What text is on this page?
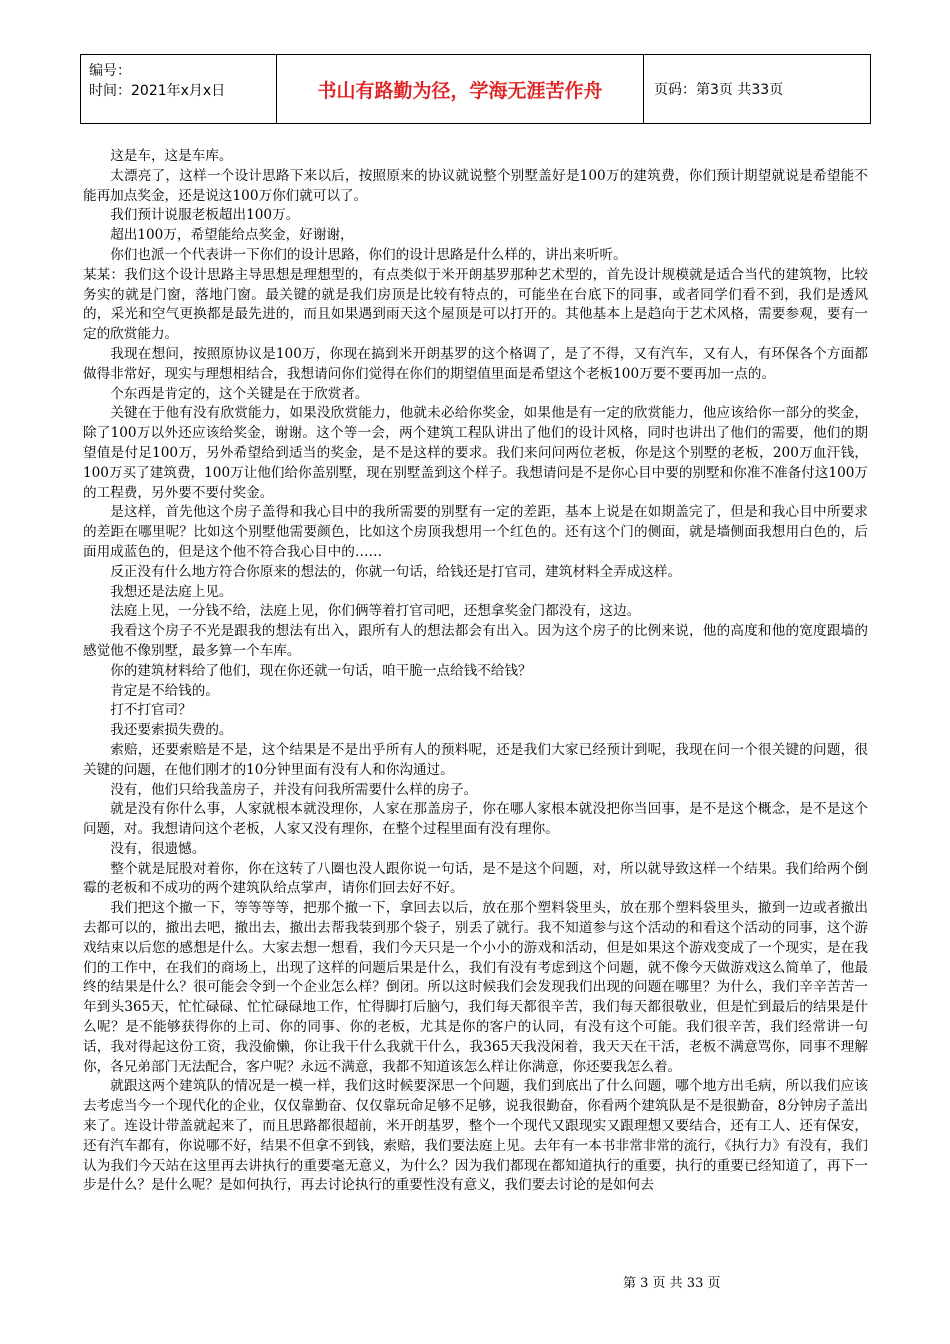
编号：
时间：2021年x月x日	书山有路勤为径，学海无涯苦作舟	页码：第3页 共33页

这是车，这是车库。

太漂亮了，这样一个设计思路下来以后，按照原来的协议就说整个别墅盖好是100万的建筑费，你们预计期望就说是希望能不能再加点奖金，还是说这100万你们就可以了。

我们预计说服老板超出100万。

超出100万，希望能给点奖金，好谢谢，

你们也派一个代表讲一下你们的设计思路，你们的设计思路是什么样的，讲出来听听。

某某：我们这个设计思路主导思想是理想型的，有点类似于米开朗基罗那种艺术型的，首先设计规模就是适合当代的建筑物，比较务实的就是门窗，落地门窗。最关键的就是我们房顶是比较有特点的，可能坐在台底下的同事，或者同学们看不到，我们是透风的，采光和空气更换都是最先进的，而且如果遇到雨天这个屋顶是可以打开的。其他基本上是趋向于艺术风格，需要参观，要有一定的欣赏能力。

我现在想问，按照原协议是100万，你现在搞到米开朗基罗的这个格调了，是了不得，又有汽车，又有人，有环保各个方面都做得非常好，现实与理想相结合，我想请问你们觉得在你们的期望值里面是希望这个老板100万要不要再加一点的。

个东西是肯定的，这个关键是在于欣赏者。

关键在于他有没有欣赏能力，如果没欣赏能力，他就未必给你奖金，如果他是有一定的欣赏能力，他应该给你一部分的奖金，除了100万以外还应该给奖金，谢谢。这个等一会，两个建筑工程队讲出了他们的设计风格，同时也讲出了他们的需要，他们的期望值是付足100万，另外希望给到适当的奖金，是不是这样的要求。我们来问问两位老板，你是这个别墅的老板，200万血汗钱，100万买了建筑费，100万让他们给你盖别墅，现在别墅盖到这个样子。我想请问是不是你心目中要的别墅和你准不准备付这100万的工程费，另外要不要付奖金。

是这样，首先他这个房子盖得和我心目中的我所需要的别墅有一定的差距，基本上说是在如期盖完了，但是和我心目中所要求的差距在哪里呢？比如这个别墅他需要颜色，比如这个房顶我想用一个红色的。还有这个门的侧面，就是墙侧面我想用白色的，后面用成蓝色的，但是这个他不符合我心目中的……

反正没有什么地方符合你原来的想法的，你就一句话，给钱还是打官司，建筑材料全弄成这样。

我想还是法庭上见。

法庭上见，一分钱不给，法庭上见，你们俩等着打官司吧，还想拿奖金门都没有，这边。

我看这个房子不光是跟我的想法有出入，跟所有人的想法都会有出入。因为这个房子的比例来说，他的高度和他的宽度跟墙的感觉他不像别墅，最多算一个车库。

你的建筑材料给了他们，现在你还就一句话，咱干脆一点给钱不给钱？

肯定是不给钱的。

打不打官司？

我还要索损失费的。

索赔，还要索赔是不是，这个结果是不是出乎所有人的预料呢，还是我们大家已经预计到呢，我现在问一个很关键的问题，很关键的问题，在他们刚才的10分钟里面有没有人和你沟通过。

没有，他们只给我盖房子，并没有问我所需要什么样的房子。

就是没有你什么事，人家就根本就没理你，人家在那盖房子，你在哪人家根本就没把你当回事，是不是这个概念，是不是这个问题，对。我想请问这个老板，人家又没有理你，在整个过程里面有没有理你。

没有，很遗憾。

整个就是屁股对着你，你在这转了八圈也没人跟你说一句话，是不是这个问题，对，所以就导致这样一个结果。我们给两个倒霉的老板和不成功的两个建筑队给点掌声，请你们回去好不好。

我们把这个撤一下，等等等等，把那个撤一下，拿回去以后，放在那个塑料袋里头，放在那个塑料袋里头，撤到一边或者撤出去都可以的，撤出去吧，撤出去，撤出去帮我装到那个袋子，别丢了就行。我不知道参与这个活动的和看这个活动的同事，这个游戏结束以后您的感想是什么。大家去想一想看，我们今天只是一个小小的游戏和活动，但是如果这个游戏变成了一个现实，是在我们的工作中，在我们的商场上，出现了这样的问题后果是什么，我们有没有考虑到这个问题，就不像今天做游戏这么简单了，他最终的结果是什么？很可能会令到一个企业怎么样？倒闭。所以这时候我们会发现我们出现的问题在哪里？为什么，我们辛辛苦苦一年到头365天，忙忙碌碌、忙忙碌碌地工作，忙得脚打后脑勺，我们每天都很辛苦，我们每天都很敬业，但是忙到最后的结果是什么呢？是不能够获得你的上司、你的同事、你的老板，尤其是你的客户的认同，有没有这个可能。我们很辛苦，我们经常讲一句话，我对得起这份工资，我没偷懒，你让我干什么我就干什么，我365天我没闲着，我天天在干活，老板不满意骂你，同事不理解你，各兄弟部门无法配合，客户呢？永远不满意，我都不知道该怎么样让你满意，你还要我怎么着。

就跟这两个建筑队的情况是一模一样，我们这时候要深思一个问题，我们到底出了什么问题，哪个地方出毛病，所以我们应该去考虑当今一个现代化的企业，仅仅靠勤奋、仅仅靠玩命足够不足够，说我很勤奋，你看两个建筑队是不是很勤奋，8分钟房子盖出来了。连设计带盖就起来了，而且思路都很超前，米开朗基罗，整个一个现代又跟现实又跟理想又要结合，还有工人、还有保安，还有汽车都有，你说哪不好，结果不但拿不到钱，索赔，我们要法庭上见。去年有一本书非常非常的流行，《执行力》有没有，我们认为我们今天站在这里再去讲执行的重要毫无意义，为什么？因为我们都现在都知道执行的重要，执行的重要已经知道了，再下一步是什么？是什么呢？是如何执行，再去讨论执行的重要性没有意义，我们要去讨论的是如何去

第 3 页 共 33 页
